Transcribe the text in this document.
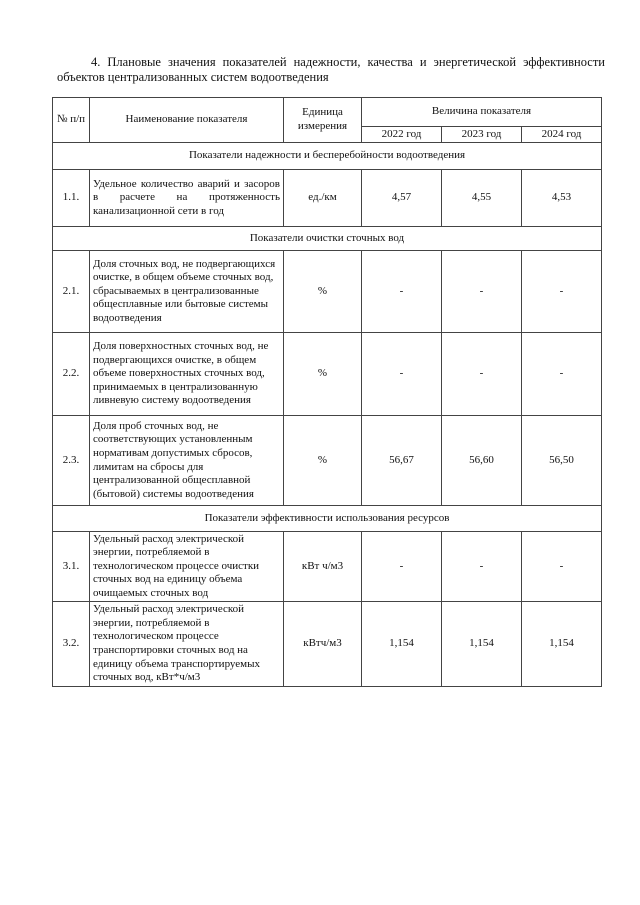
4. Плановые значения показателей надежности, качества и энергетической эффективности объектов централизованных систем водоотведения
№ п/п	Наименование показателя	Единица измерения	Величина показателя		
			2022 год	2023 год	2024 год
Показатели надежности и бесперебойности водоотведения					
1.1.	Удельное количество аварий и засоров в расчете на протяженность канализационной сети в год	ед./км	4,57	4,55	4,53
Показатели очистки сточных вод					
2.1.	Доля сточных вод, не подвергающихся очистке, в общем объеме сточных вод, сбрасываемых в централизованные общесплавные или бытовые системы водоотведения	%	-	-	-
2.2.	Доля поверхностных сточных вод, не подвергающихся очистке, в общем объеме поверхностных сточных вод, принимаемых в централизованную ливневую систему водоотведения	%	-	-	-
2.3.	Доля проб сточных вод, не соответствующих установленным нормативам допустимых сбросов, лимитам на сбросы для централизованной общесплавной (бытовой) системы водоотведения	%	56,67	56,60	56,50
Показатели эффективности использования ресурсов					
3.1.	Удельный расход электрической энергии, потребляемой в технологическом процессе очистки сточных вод на единицу объема очищаемых сточных вод	кВт ч/м3	-	-	-
3.2.	Удельный расход электрической энергии, потребляемой в технологическом процессе транспортировки сточных вод на единицу объема транспортируемых сточных вод, кВт*ч/м3	кВтч/м3	1,154	1,154	1,154
